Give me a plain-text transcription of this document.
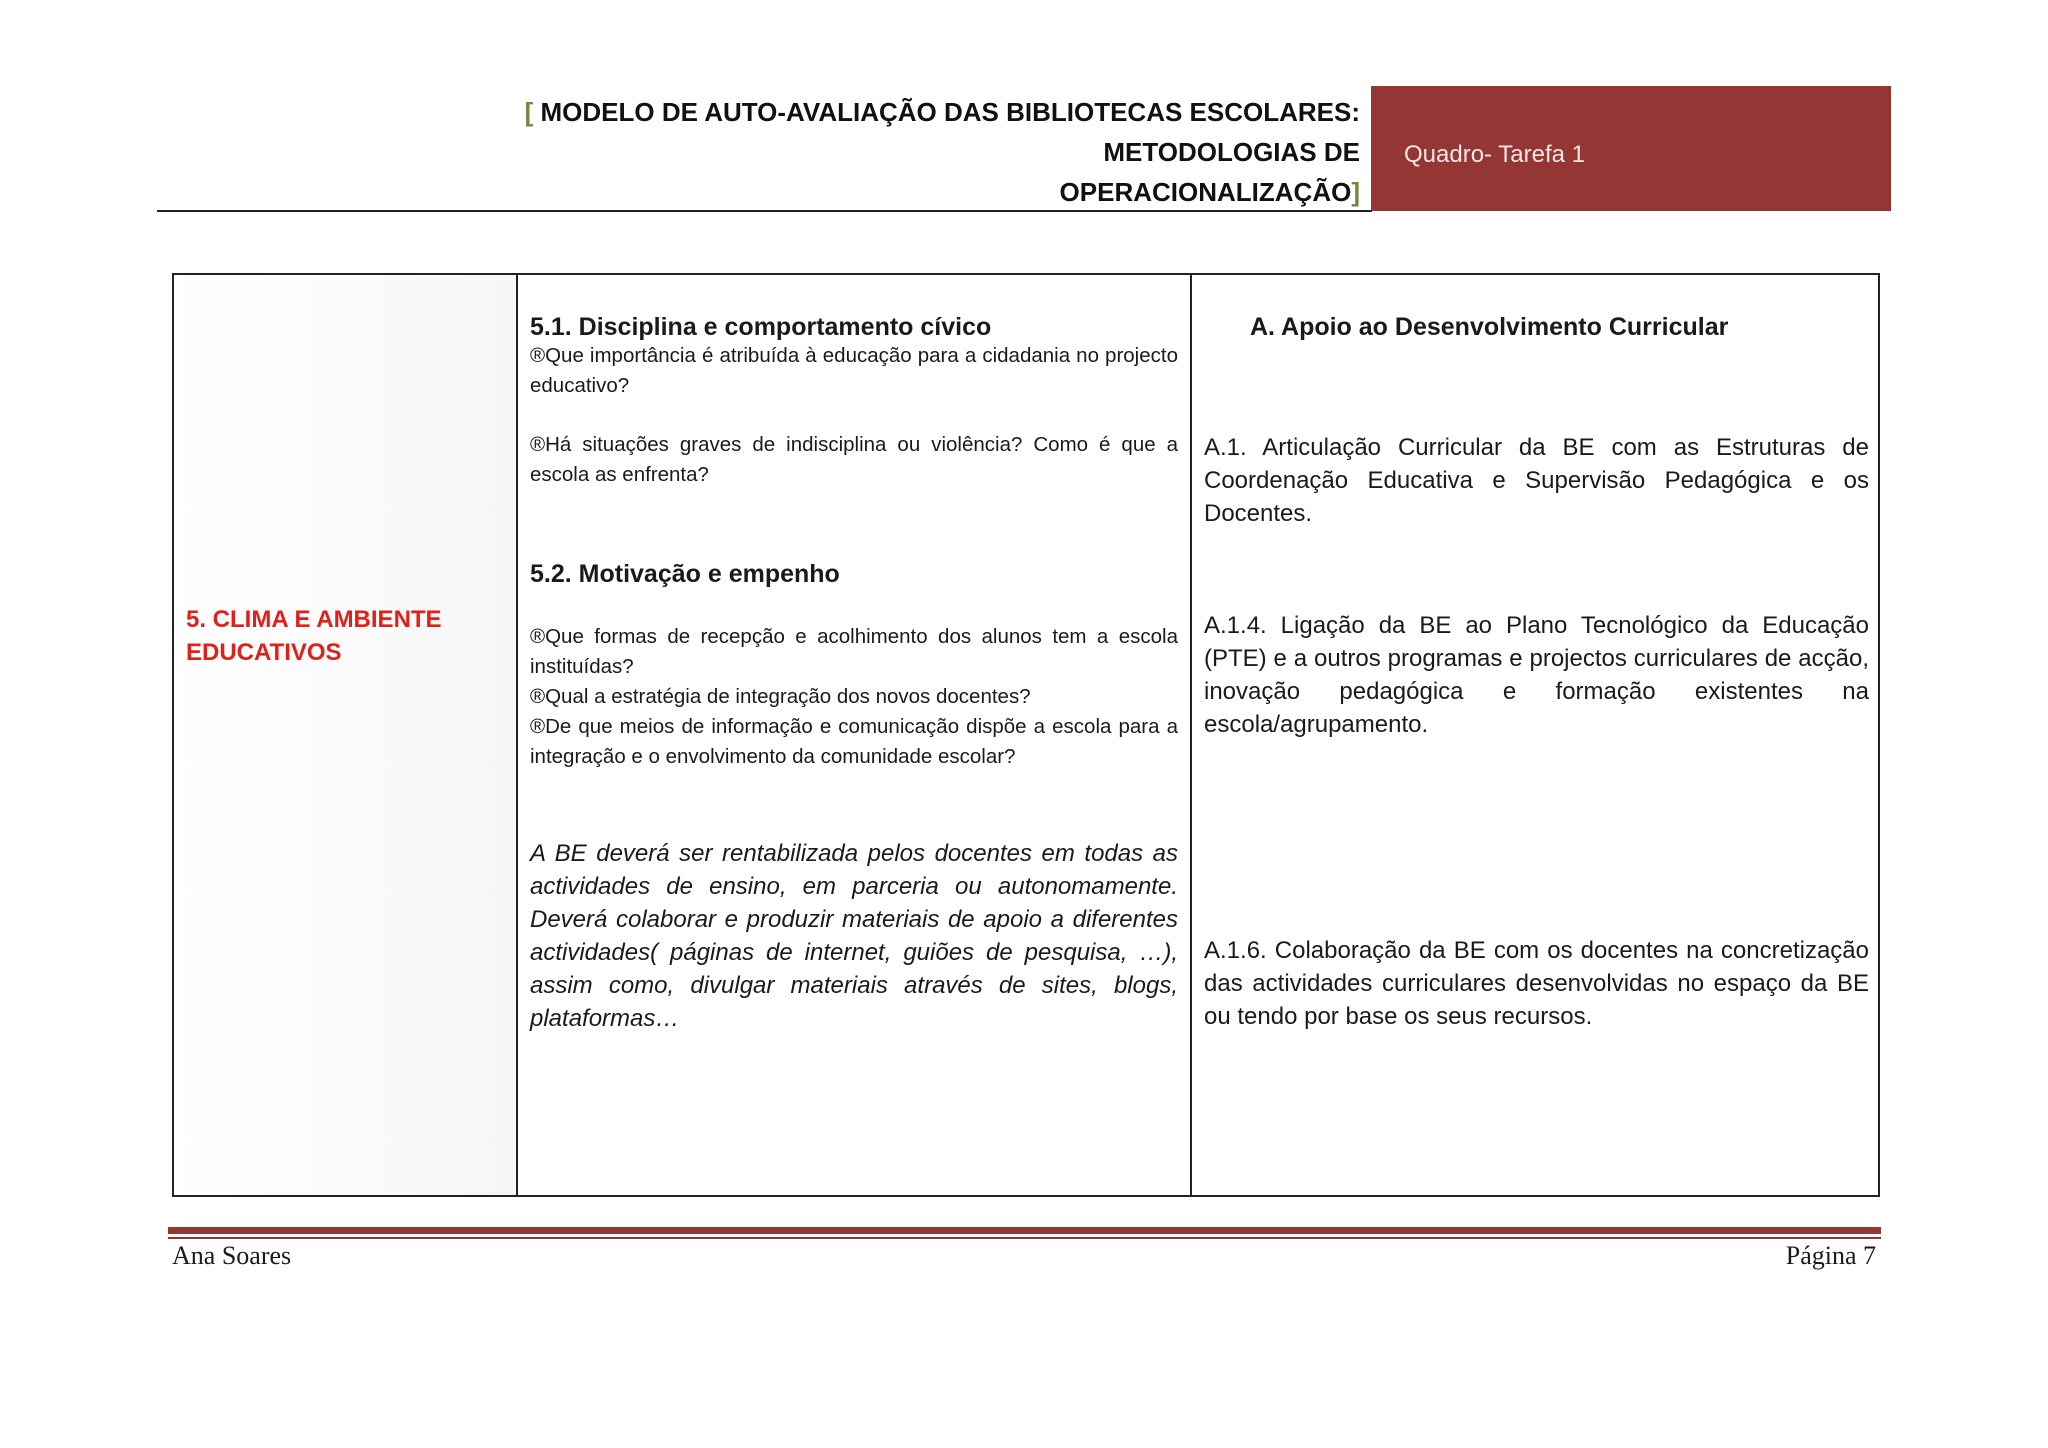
[ MODELO DE AUTO-AVALIAÇÃO DAS BIBLIOTECAS ESCOLARES: METODOLOGIAS DE
OPERACIONALIZAÇÃO]
Quadro- Tarefa 1
5. CLIMA E AMBIENTE EDUCATIVOS
5.1. Disciplina e comportamento cívico
®Que importância é atribuída à educação para a cidadania no projecto educativo?
®Há situações graves de indisciplina ou violência? Como é que a escola as enfrenta?
5.2. Motivação e empenho
®Que formas de recepção e acolhimento dos alunos tem a escola instituídas?
®Qual a estratégia de integração dos novos docentes?
®De que meios de informação e comunicação dispõe a escola para a integração e o envolvimento da comunidade escolar?
A BE deverá ser rentabilizada pelos docentes em todas as actividades de ensino, em parceria ou autonomamente. Deverá colaborar e produzir materiais de apoio a diferentes actividades( páginas de internet, guiões de pesquisa, …), assim como, divulgar materiais através de sites, blogs, plataformas…
A. Apoio ao Desenvolvimento Curricular
A.1. Articulação Curricular da BE com as Estruturas de Coordenação Educativa e Supervisão Pedagógica e os Docentes.
A.1.4. Ligação da BE ao Plano Tecnológico da Educação (PTE) e a outros programas e projectos curriculares de acção, inovação pedagógica e formação existentes na escola/agrupamento.
A.1.6. Colaboração da BE com os docentes na concretização das actividades curriculares desenvolvidas no espaço da BE ou tendo por base os seus recursos.
Ana Soares	Página 7
